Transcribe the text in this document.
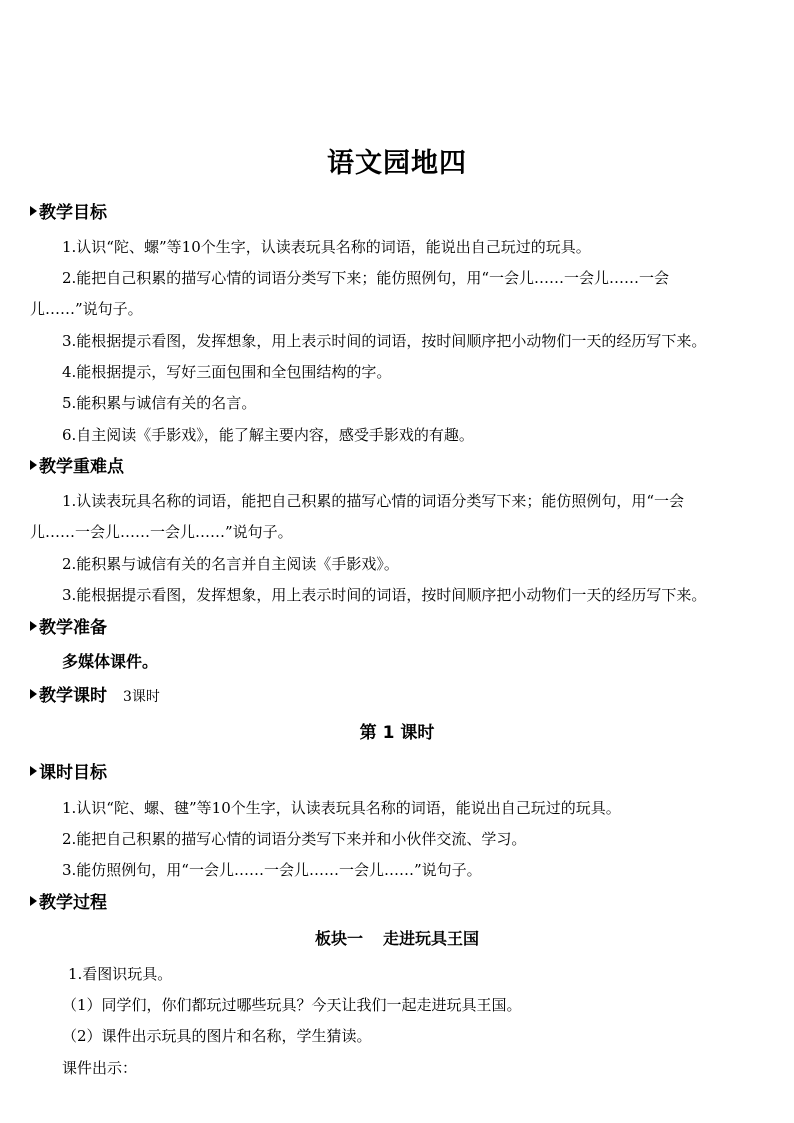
语文园地四
教学目标
1.认识“陀、螺”等10个生字，认读表玩具名称的词语，能说出自己玩过的玩具。
2.能把自己积累的描写心情的词语分类写下来；能仿照例句，用“一会儿……一会儿……一会
儿……”说句子。
3.能根据提示看图，发挥想象，用上表示时间的词语，按时间顺序把小动物们一天的经历写下来。
4.能根据提示，写好三面包围和全包围结构的字。
5.能积累与诚信有关的名言。
6.自主阅读《手影戏》，能了解主要内容，感受手影戏的有趣。
教学重难点
1.认读表玩具名称的词语，能把自己积累的描写心情的词语分类写下来；能仿照例句，用“一会
儿……一会儿……一会儿……”说句子。
2.能积累与诚信有关的名言并自主阅读《手影戏》。
3.能根据提示看图，发挥想象，用上表示时间的词语，按时间顺序把小动物们一天的经历写下来。
教学准备
多媒体课件。
教学课时 3课时
第 1 课时
课时目标
1.认识“陀、螺、毽”等10个生字，认读表玩具名称的词语，能说出自己玩过的玩具。
2.能把自己积累的描写心情的词语分类写下来并和小伙伴交流、学习。
3.能仿照例句，用“一会儿……一会儿……一会儿……”说句子。
教学过程
板块一 走进玩具王国
1.看图识玩具。
（1）同学们，你们都玩过哪些玩具？今天让我们一起走进玩具王国。
（2）课件出示玩具的图片和名称，学生猜读。
课件出示：
